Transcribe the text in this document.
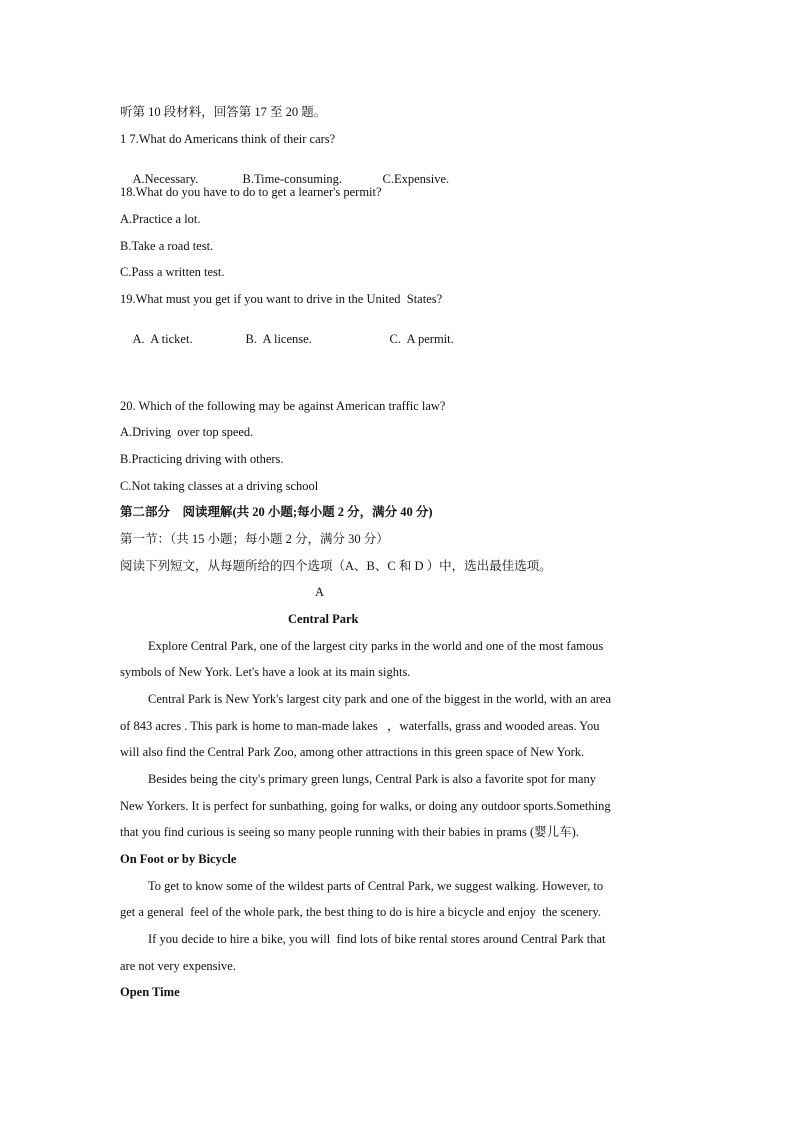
听第 10 段材料，回答第 17 至 20 题。
1 7.What do Americans think of their cars?

A.Necessary.	B.Time-consuming.	C.Expensive.

18.What do you have to do to get a learner's permit?
A.Practice a lot.
B.Take a road test.
C.Pass a written test.
19.What must you get if you want to drive in the United  States?

A.  A ticket.	B.  A license.	C.  A permit.

20. Which of the following may be against American traffic law?
A.Driving  over top speed.
B.Practicing driving with others.
C.Not taking classes at a driving school
第二部分    阅读理解(共 20 小题;每小题 2 分，满分 40 分)
第一节：（共 15 小题；每小题 2 分，满分 30 分）
阅读下列短文，从每题所给的四个选项（A、B、C 和 D ）中，选出最佳选项。
A
Central Park
Explore Central Park, one of the largest city parks in the world and one of the most famous
symbols of New York. Let's have a look at its main sights.
Central Park is New York's largest city park and one of the biggest in the world, with an area
of 843 acres . This park is home to man-made lakes   ，waterfalls, grass and wooded areas. You
will also find the Central Park Zoo, among other attractions in this green space of New York.
Besides being the city's primary green lungs, Central Park is also a favorite spot for many
New Yorkers. It is perfect for sunbathing, going for walks, or doing any outdoor sports.Something
that you find curious is seeing so many people running with their babies in prams (婴儿车).
On Foot or by Bicycle
To get to know some of the wildest parts of Central Park, we suggest walking. However, to
get a general  feel of the whole park, the best thing to do is hire a bicycle and enjoy  the scenery.
If you decide to hire a bike, you will  find lots of bike rental stores around Central Park that
are not very expensive.
Open Time
